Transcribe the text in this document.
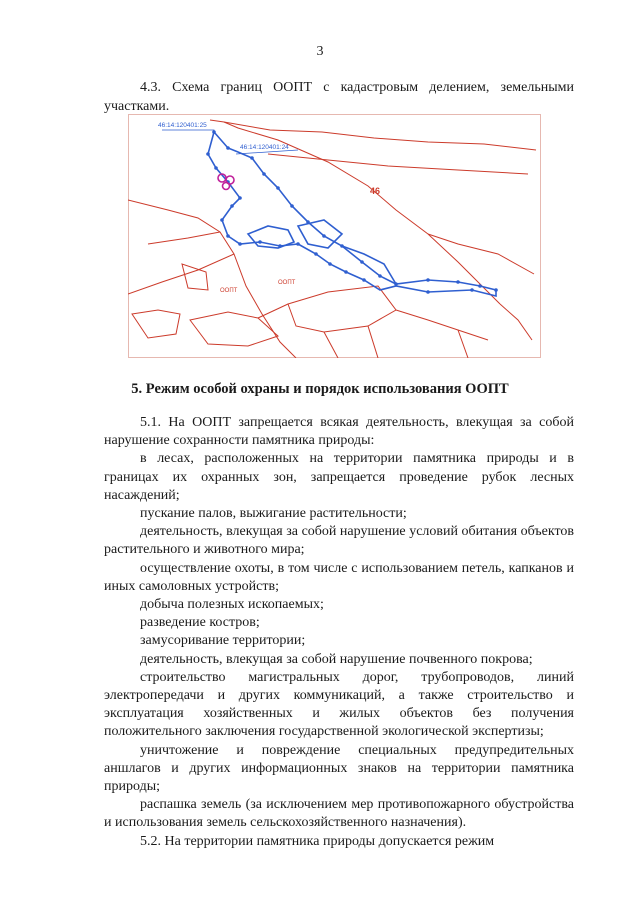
3
4.3. Схема границ ООПТ с кадастровым делением, земельными участками.
46:14:120401:25
46:14:120401:24
46
ООПТ
ООПТ
5. Режим особой охраны и порядок использования ООПТ

5.1. На ООПТ запрещается всякая деятельность, влекущая за собой нарушение сохранности памятника природы:

в лесах, расположенных на территории памятника природы и в границах их охранных зон, запрещается проведение рубок лесных насаждений;

пускание палов, выжигание растительности;

деятельность, влекущая за собой нарушение условий обитания объектов растительного и животного мира;

осуществление охоты, в том числе с использованием петель, капканов и иных самоловных устройств;

добыча полезных ископаемых;

разведение костров;

замусоривание территории;

деятельность, влекущая за собой нарушение почвенного покрова;

строительство магистральных дорог, трубопроводов, линий электропередачи и других коммуникаций, а также строительство и эксплуатация хозяйственных и жилых объектов без получения положительного заключения государственной экологической экспертизы;

уничтожение и повреждение специальных предупредительных аншлагов и других информационных знаков на территории памятника природы;

распашка земель (за исключением мер противопожарного обустройства и использования земель сельскохозяйственного назначения).

5.2. На территории памятника природы допускается режим
